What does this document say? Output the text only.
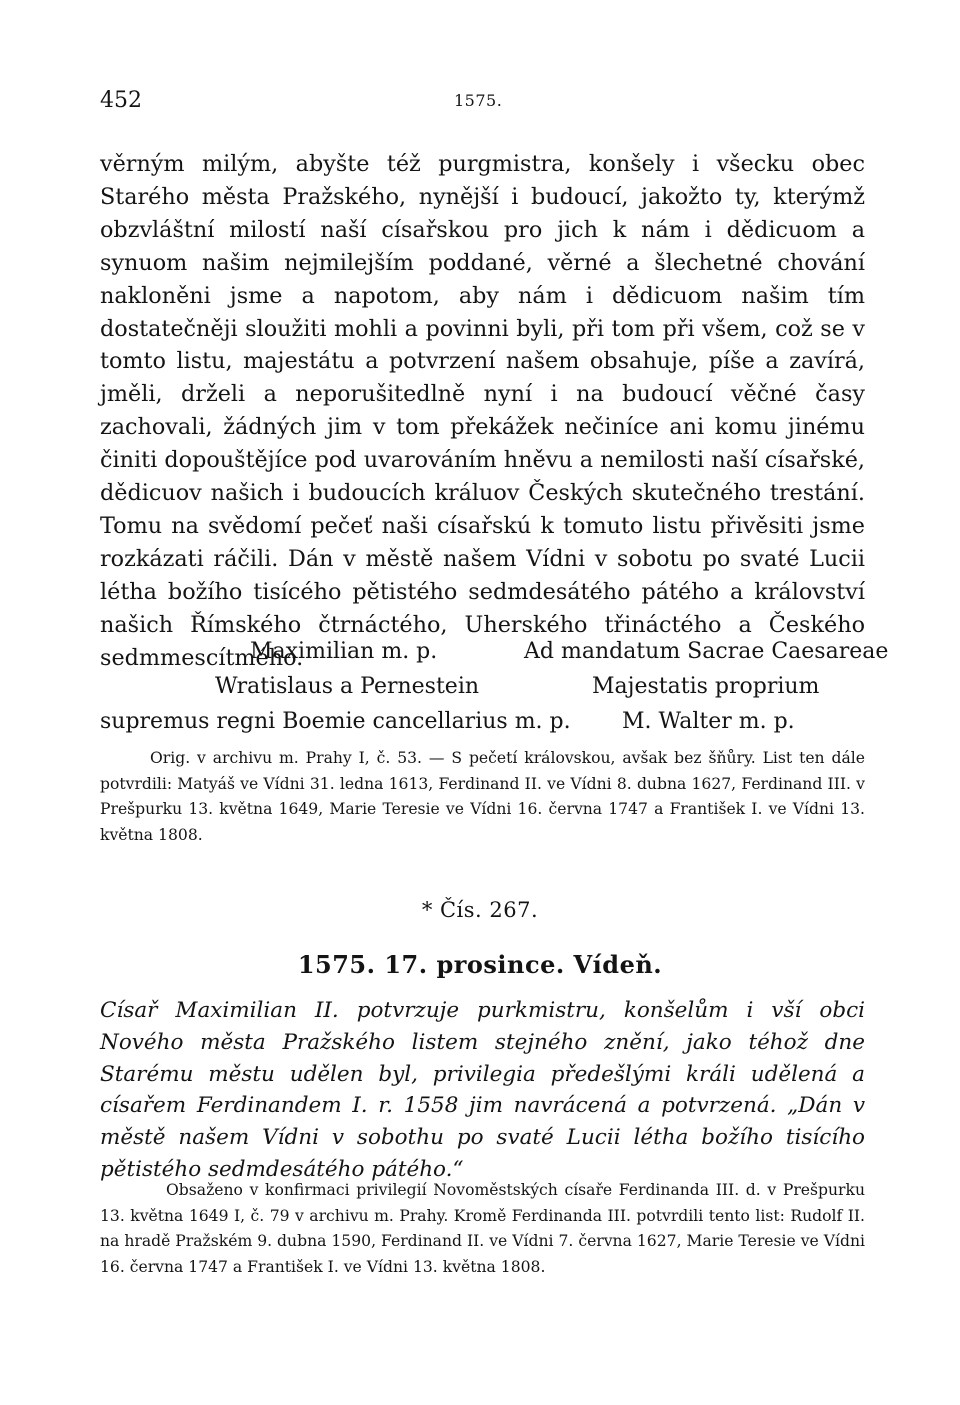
452	1575.

věrným milým, abyšte též purgmistra, konšely i všecku obec Starého města Pražského, nynější i budoucí, jakožto ty, kterýmž obzvláštní milostí naší císařskou pro jich k nám i dědicuom a synuom našim nejmilejším poddané, věrné a šlechetné chování nakloněni jsme a napotom, aby nám i dědicuom našim tím dostatečněji sloužiti mohli a povinni byli, při tom při všem, což se v tomto listu, majestátu a potvrzení našem obsahuje, píše a zavírá, jměli, drželi a neporušitedlně nyní i na budoucí věčné časy zachovali, žádných jim v tom překážek nečiníce ani komu jinému činiti dopouštějíce pod uvarováním hněvu a nemilosti naší císařské, dědicuov našich i budoucích králuov Českých skutečného trestání. Tomu na svědomí pečeť naši císařskú k tomuto listu přivěsiti jsme rozkázati ráčili. Dán v městě našem Vídni v sobotu po svaté Lucii létha božího tisícého pětistého sedmdesátého pátého a království našich Římského čtrnáctého, Uherského třináctého a Českého sedmmescítmého.

Maximilian m. p.	Ad mandatum Sacrae Caesareae
Wratislaus a Pernestein	Majestatis proprium
supremus regni Boemie cancellarius m. p. M. Walter m. p.

Orig. v archivu m. Prahy I, č. 53. — S pečetí královskou, avšak bez šňůry. List ten dále potvrdili: Matyáš ve Vídni 31. ledna 1613, Ferdinand II. ve Vídni 8. dubna 1627, Ferdinand III. v Prešpurku 13. května 1649, Marie Teresie ve Vídni 16. června 1747 a František I. ve Vídni 13. května 1808.

* Čís. 267.
1575. 17. prosince. Vídeň.

Císař Maximilian II. potvrzuje purkmistru, konšelům i vší obci Nového města Pražského listem stejného znění, jako téhož dne Starému městu udělen byl, privilegia předešlými králi udělená a císařem Ferdinandem I. r. 1558 jim navrácená a potvrzená. „Dán v městě našem Vídni v sobothu po svaté Lucii létha božího tisícího pětistého sedmdesátého pátého.“

Obsaženo v konfirmaci privilegií Novoměstských císaře Ferdinanda III. d. v Prešpurku 13. května 1649 I, č. 79 v archivu m. Prahy. Kromě Ferdinanda III. potvrdili tento list: Rudolf II. na hradě Pražském 9. dubna 1590, Ferdinand II. ve Vídni 7. června 1627, Marie Teresie ve Vídni 16. června 1747 a František I. ve Vídni 13. května 1808.
